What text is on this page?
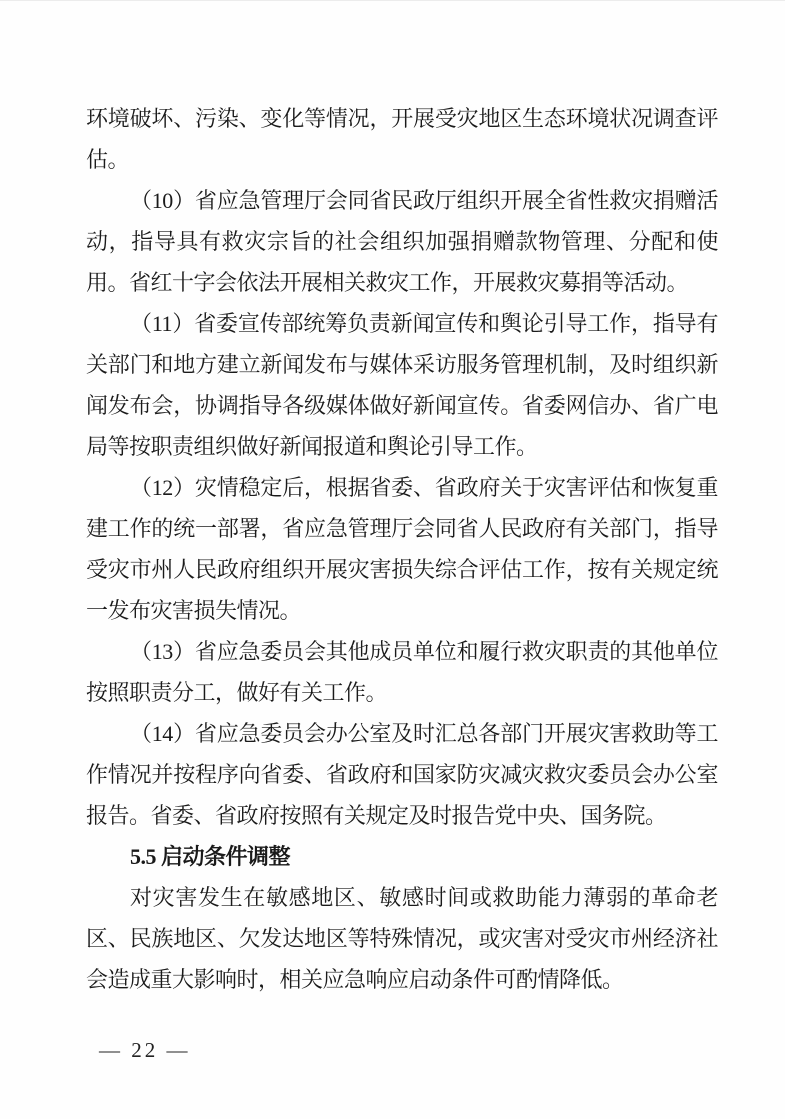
环境破坏、污染、变化等情况，开展受灾地区生态环境状况调查评估。

（10）省应急管理厅会同省民政厅组织开展全省性救灾捐赠活动，指导具有救灾宗旨的社会组织加强捐赠款物管理、分配和使用。省红十字会依法开展相关救灾工作，开展救灾募捐等活动。

（11）省委宣传部统筹负责新闻宣传和舆论引导工作，指导有关部门和地方建立新闻发布与媒体采访服务管理机制，及时组织新闻发布会，协调指导各级媒体做好新闻宣传。省委网信办、省广电局等按职责组织做好新闻报道和舆论引导工作。

（12）灾情稳定后，根据省委、省政府关于灾害评估和恢复重建工作的统一部署，省应急管理厅会同省人民政府有关部门，指导受灾市州人民政府组织开展灾害损失综合评估工作，按有关规定统一发布灾害损失情况。

（13）省应急委员会其他成员单位和履行救灾职责的其他单位按照职责分工，做好有关工作。

（14）省应急委员会办公室及时汇总各部门开展灾害救助等工作情况并按程序向省委、省政府和国家防灾减灾救灾委员会办公室报告。省委、省政府按照有关规定及时报告党中央、国务院。

5.5 启动条件调整

对灾害发生在敏感地区、敏感时间或救助能力薄弱的革命老区、民族地区、欠发达地区等特殊情况，或灾害对受灾市州经济社会造成重大影响时，相关应急响应启动条件可酌情降低。

— 22 —
